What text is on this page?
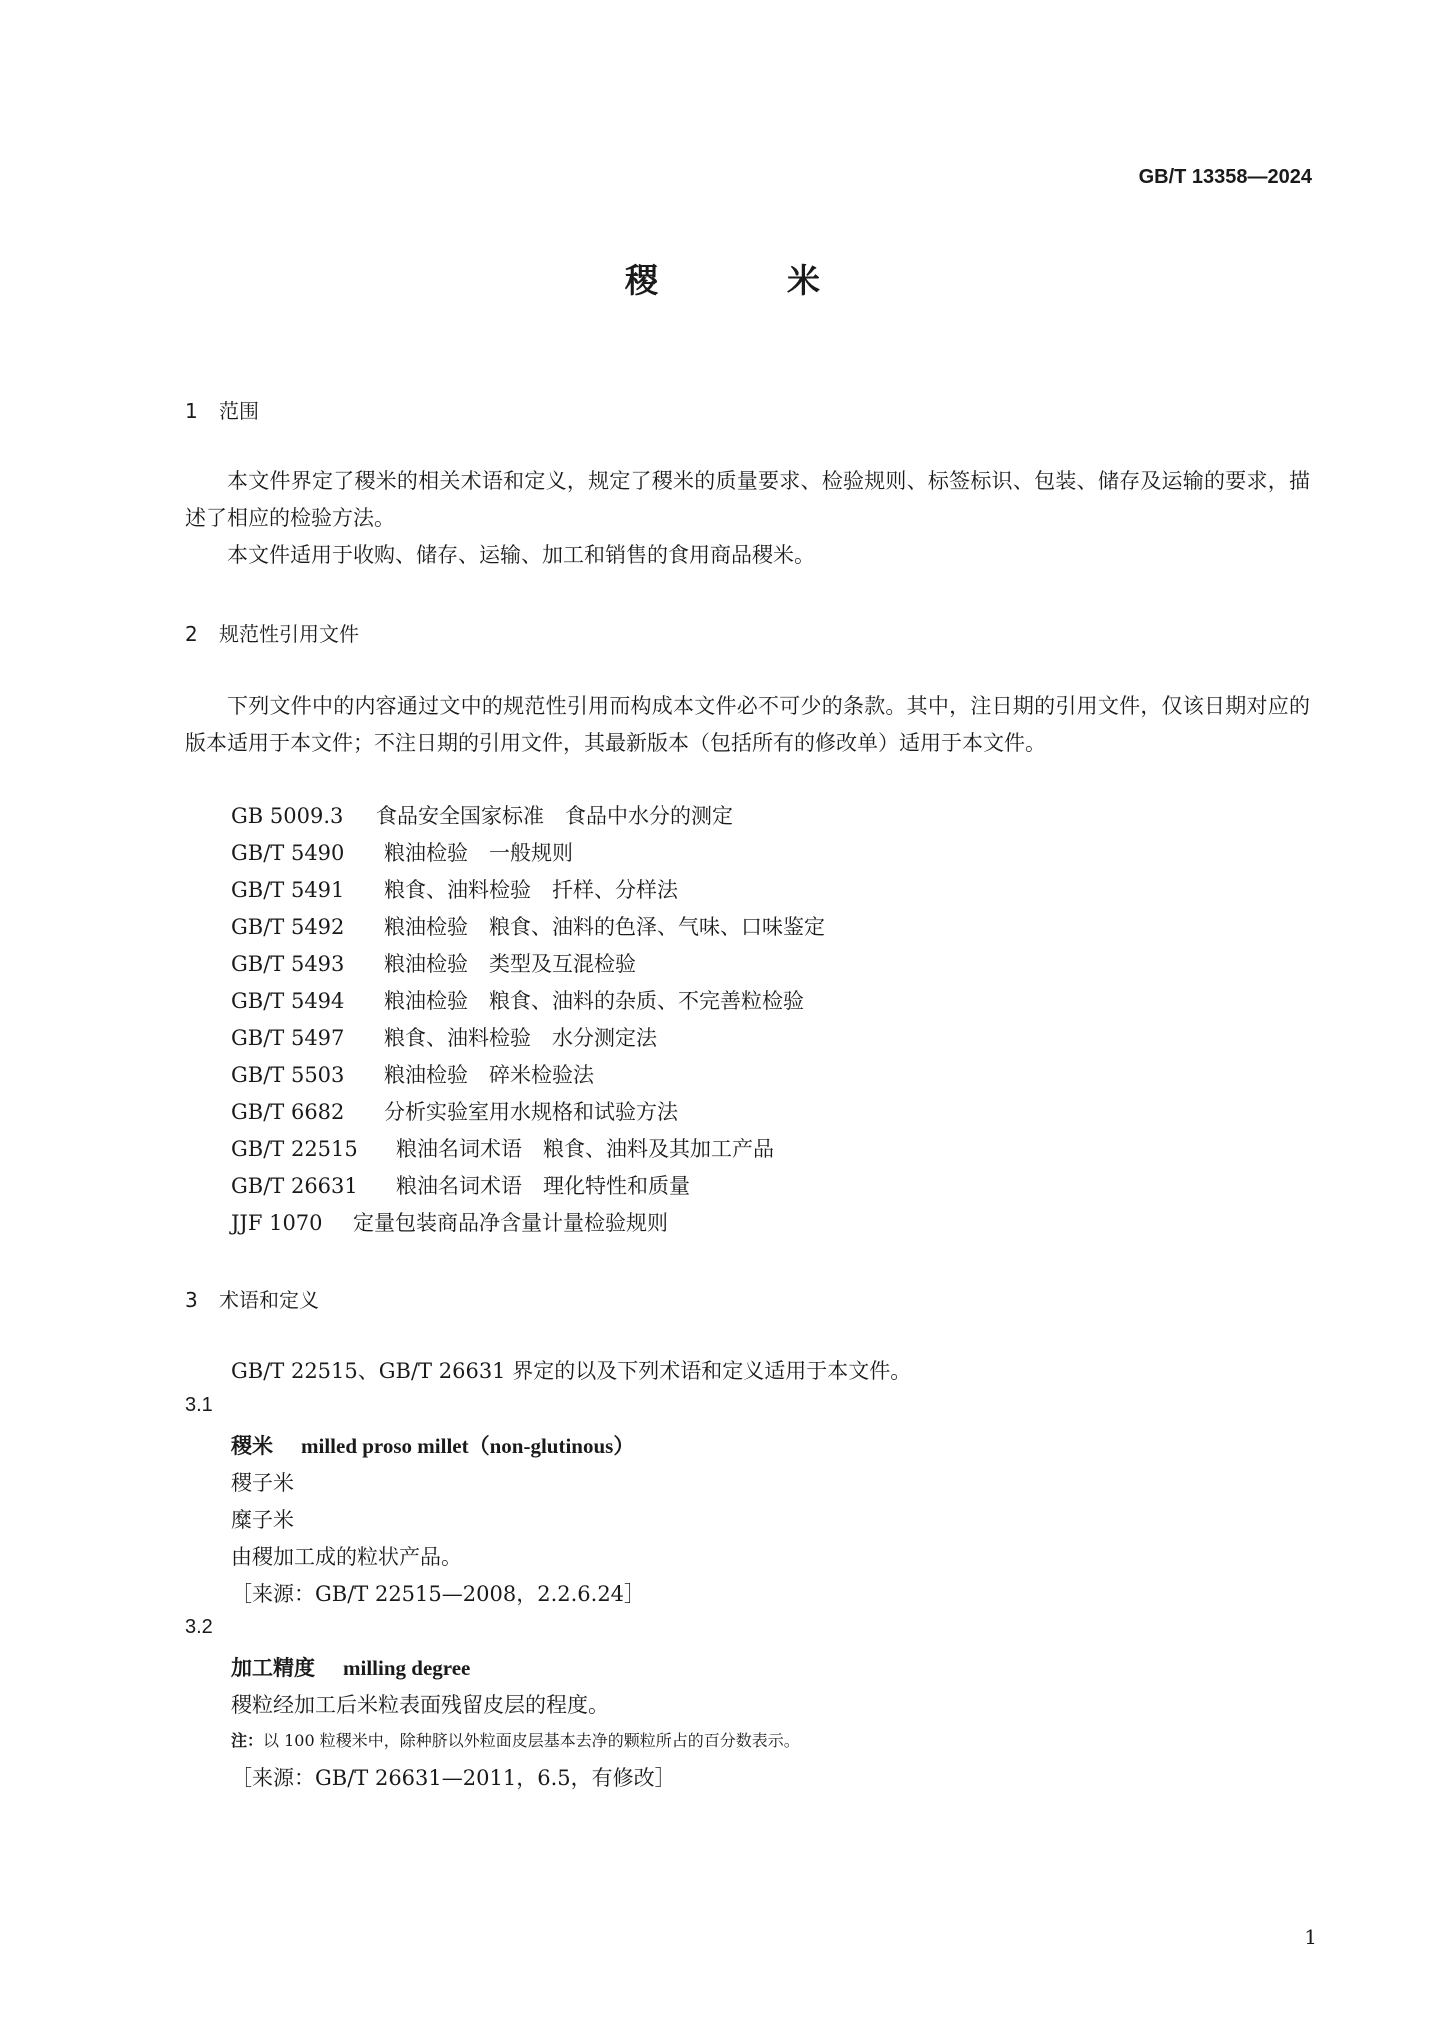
GB/T 13358—2024
稷　米
1 范围
本文件界定了稷米的相关术语和定义，规定了稷米的质量要求、检验规则、标签标识、包装、储存及运输的要求，描述了相应的检验方法。
本文件适用于收购、储存、运输、加工和销售的食用商品稷米。
2 规范性引用文件
下列文件中的内容通过文中的规范性引用而构成本文件必不可少的条款。其中，注日期的引用文件，仅该日期对应的版本适用于本文件；不注日期的引用文件，其最新版本（包括所有的修改单）适用于本文件。
GB 5009.3 食品安全国家标准　食品中水分的测定
GB/T 5490 粮油检验　一般规则
GB/T 5491 粮食、油料检验　扦样、分样法
GB/T 5492 粮油检验　粮食、油料的色泽、气味、口味鉴定
GB/T 5493 粮油检验　类型及互混检验
GB/T 5494 粮油检验　粮食、油料的杂质、不完善粒检验
GB/T 5497 粮食、油料检验　水分测定法
GB/T 5503 粮油检验　碎米检验法
GB/T 6682 分析实验室用水规格和试验方法
GB/T 22515 粮油名词术语　粮食、油料及其加工产品
GB/T 26631 粮油名词术语　理化特性和质量
JJF 1070 定量包装商品净含量计量检验规则
3 术语和定义
GB/T 22515、GB/T 26631 界定的以及下列术语和定义适用于本文件。
3.1
稷米 milled proso millet（non-glutinous）
稷子米
糜子米
由稷加工成的粒状产品。
［来源：GB/T 22515—2008，2.2.6.24］
3.2
加工精度 milling degree
稷粒经加工后米粒表面残留皮层的程度。
注：以 100 粒稷米中，除种脐以外粒面皮层基本去净的颗粒所占的百分数表示。
［来源：GB/T 26631—2011，6.5，有修改］
1
